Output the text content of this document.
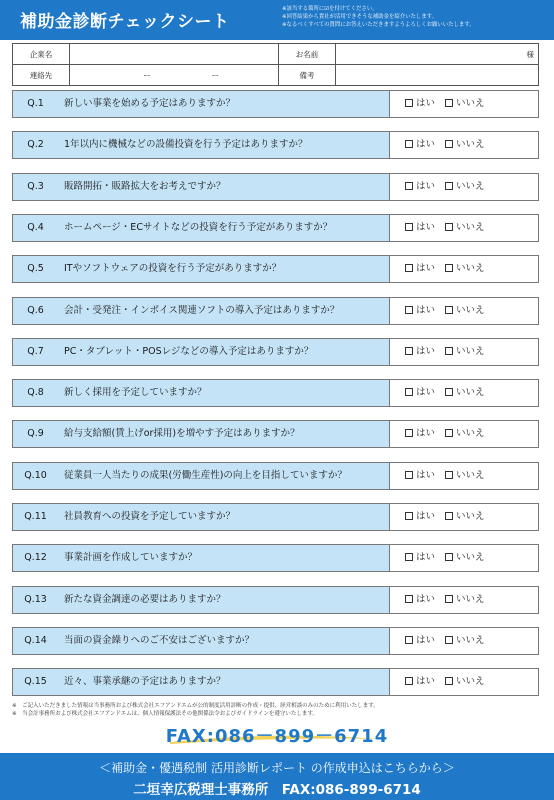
補助金診断チェックシート
※該当する箇所に☑を付けてください。
※回答結果から貴社が活用できそうな補助金を紹介いたします。
※なるべくすべての質問にお答えいただきますようよろしくお願いいたします。
企業名		お名前	様
連絡先	ー ー	備考	
Q.1	新しい事業を始める予定はありますか？	はい いいえ
Q.2	1年以内に機械などの設備投資を行う予定はありますか？	はい いいえ
Q.3	販路開拓・販路拡大をお考えですか？	はい いいえ
Q.4	ホームページ・ECサイトなどの投資を行う予定がありますか？	はい いいえ
Q.5	ITやソフトウェアの投資を行う予定がありますか？	はい いいえ
Q.6	会計・受発注・インボイス関連ソフトの導入予定はありますか？	はい いいえ
Q.7	PC・タブレット・POSレジなどの導入予定はありますか？	はい いいえ
Q.8	新しく採用を予定していますか？	はい いいえ
Q.9	給与支給額(賃上げor採用)を増やす予定はありますか？	はい いいえ
Q.10	従業員一人当たりの成果(労働生産性)の向上を目指していますか？	はい いいえ
Q.11	社員教育への投資を予定していますか？	はい いいえ
Q.12	事業計画を作成していますか？	はい いいえ
Q.13	新たな資金調達の必要はありますか？	はい いいえ
Q.14	当面の資金繰りへのご不安はございますか？	はい いいえ
Q.15	近々、事業承継の予定はありますか？	はい いいえ
※　ご記入いただきました情報は当事務所および株式会社エフアンドエムが公的制度活用診断の作成・提供、経営相談のみのために利用いたします。
※　当会計事務所および株式会社エフアンドエムは、個人情報保護法その他関係法令およびガイドラインを遵守いたします。
FAX:086－899－6714
＜補助金・優遇税制 活用診断レポート の作成申込はこちらから＞
二垣幸広税理士事務所　FAX:086-899-6714
